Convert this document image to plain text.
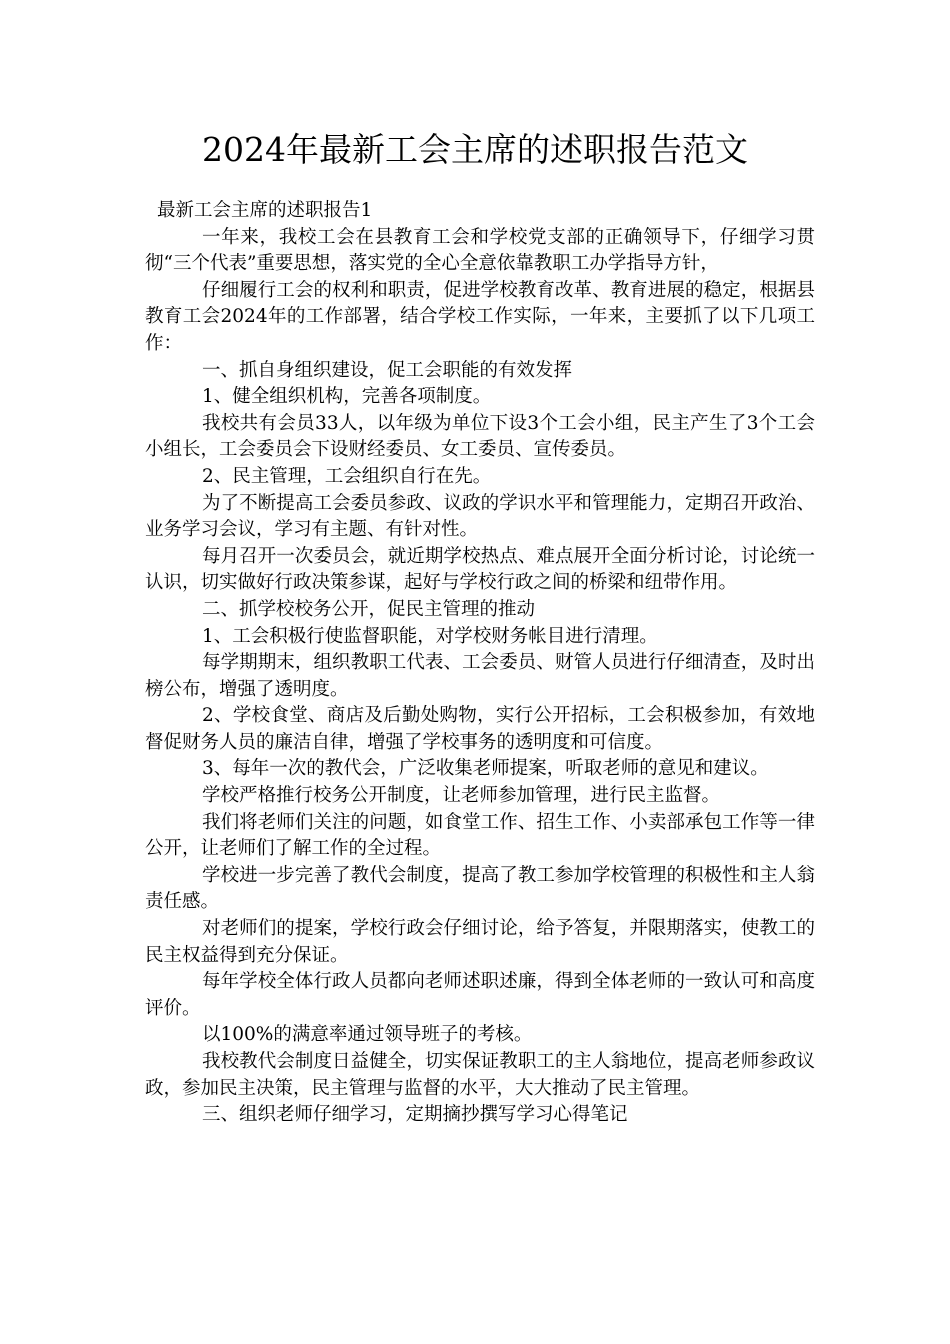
2024年最新工会主席的述职报告范文

最新工会主席的述职报告1

一年来，我校工会在县教育工会和学校党支部的正确领导下，仔细学习贯彻“三个代表”重要思想，落实党的全心全意依靠教职工办学指导方针，

仔细履行工会的权利和职责，促进学校教育改革、教育进展的稳定，根据县教育工会2024年的工作部署，结合学校工作实际，一年来，主要抓了以下几项工作：

一、抓自身组织建设，促工会职能的有效发挥

1、健全组织机构，完善各项制度。

我校共有会员33人，以年级为单位下设3个工会小组，民主产生了3个工会小组长，工会委员会下设财经委员、女工委员、宣传委员。

2、民主管理，工会组织自行在先。

为了不断提高工会委员参政、议政的学识水平和管理能力，定期召开政治、业务学习会议，学习有主题、有针对性。

每月召开一次委员会，就近期学校热点、难点展开全面分析讨论，讨论统一认识，切实做好行政决策参谋，起好与学校行政之间的桥梁和纽带作用。

二、抓学校校务公开，促民主管理的推动

1、工会积极行使监督职能，对学校财务帐目进行清理。

每学期期末，组织教职工代表、工会委员、财管人员进行仔细清查，及时出榜公布，增强了透明度。

2、学校食堂、商店及后勤处购物，实行公开招标，工会积极参加，有效地督促财务人员的廉洁自律，增强了学校事务的透明度和可信度。

3、每年一次的教代会，广泛收集老师提案，听取老师的意见和建议。

学校严格推行校务公开制度，让老师参加管理，进行民主监督。

我们将老师们关注的问题，如食堂工作、招生工作、小卖部承包工作等一律公开，让老师们了解工作的全过程。

学校进一步完善了教代会制度，提高了教工参加学校管理的积极性和主人翁责任感。

对老师们的提案，学校行政会仔细讨论，给予答复，并限期落实，使教工的民主权益得到充分保证。

每年学校全体行政人员都向老师述职述廉，得到全体老师的一致认可和高度评价。

以100%的满意率通过领导班子的考核。

我校教代会制度日益健全，切实保证教职工的主人翁地位，提高老师参政议政，参加民主决策，民主管理与监督的水平，大大推动了民主管理。

三、组织老师仔细学习，定期摘抄撰写学习心得笔记
